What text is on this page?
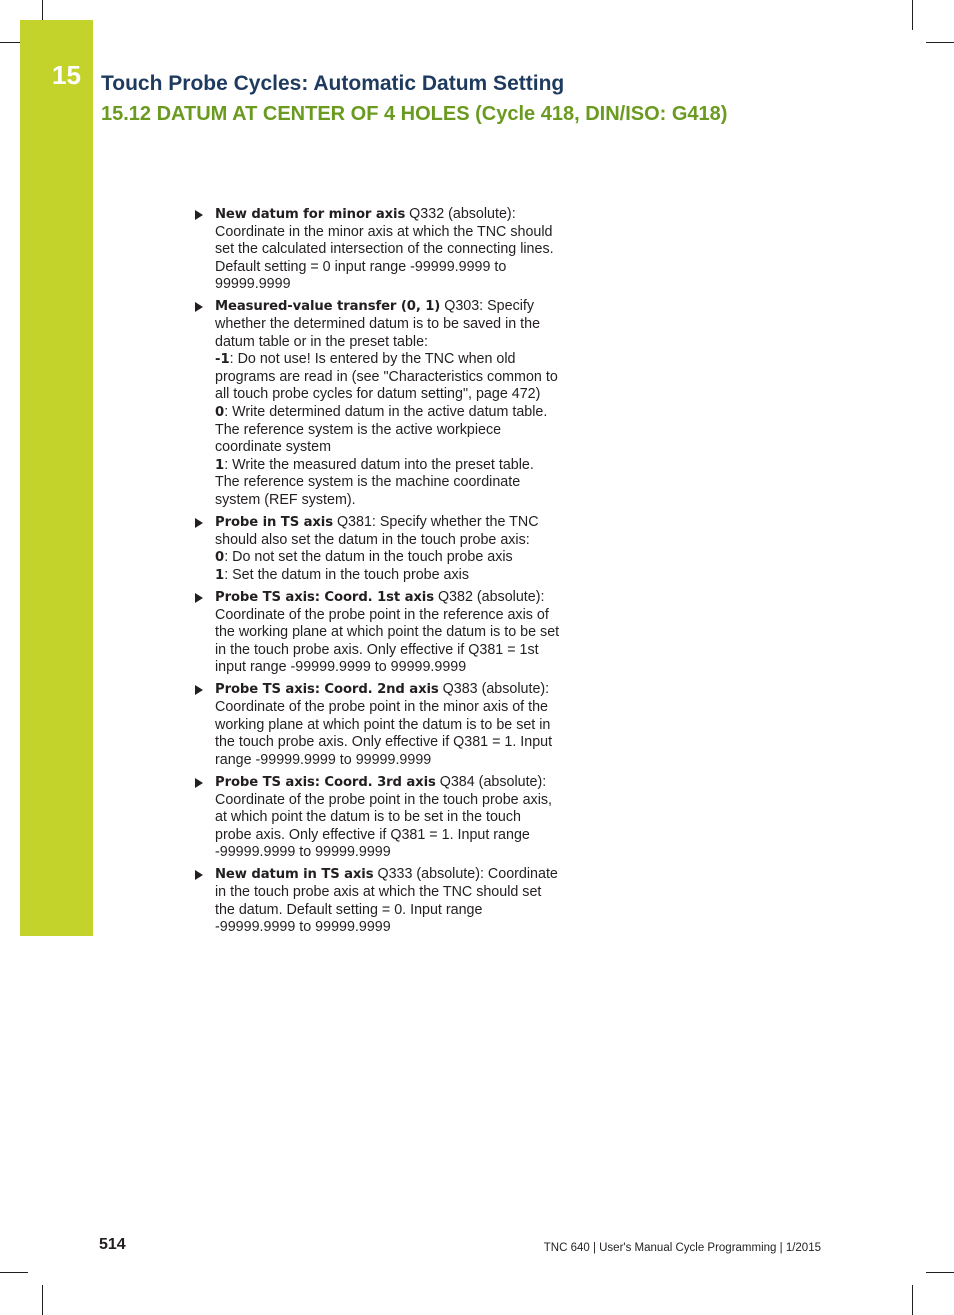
15 Touch Probe Cycles: Automatic Datum Setting
15.12 DATUM AT CENTER OF 4 HOLES (Cycle 418, DIN/ISO: G418)
New datum for minor axis Q332 (absolute): Coordinate in the minor axis at which the TNC should set the calculated intersection of the connecting lines. Default setting = 0 input range -99999.9999 to 99999.9999
Measured-value transfer (0, 1) Q303: Specify whether the determined datum is to be saved in the datum table or in the preset table:
-1: Do not use! Is entered by the TNC when old programs are read in (see "Characteristics common to all touch probe cycles for datum setting", page 472)
0: Write determined datum in the active datum table. The reference system is the active workpiece coordinate system
1: Write the measured datum into the preset table. The reference system is the machine coordinate system (REF system).
Probe in TS axis Q381: Specify whether the TNC should also set the datum in the touch probe axis:
0: Do not set the datum in the touch probe axis
1: Set the datum in the touch probe axis
Probe TS axis: Coord. 1st axis Q382 (absolute): Coordinate of the probe point in the reference axis of the working plane at which point the datum is to be set in the touch probe axis. Only effective if Q381 = 1st input range -99999.9999 to 99999.9999
Probe TS axis: Coord. 2nd axis Q383 (absolute): Coordinate of the probe point in the minor axis of the working plane at which point the datum is to be set in the touch probe axis. Only effective if Q381 = 1. Input range -99999.9999 to 99999.9999
Probe TS axis: Coord. 3rd axis Q384 (absolute): Coordinate of the probe point in the touch probe axis, at which point the datum is to be set in the touch probe axis. Only effective if Q381 = 1. Input range -99999.9999 to 99999.9999
New datum in TS axis Q333 (absolute): Coordinate in the touch probe axis at which the TNC should set the datum. Default setting = 0. Input range -99999.9999 to 99999.9999
514	TNC 640 | User's Manual Cycle Programming | 1/2015
